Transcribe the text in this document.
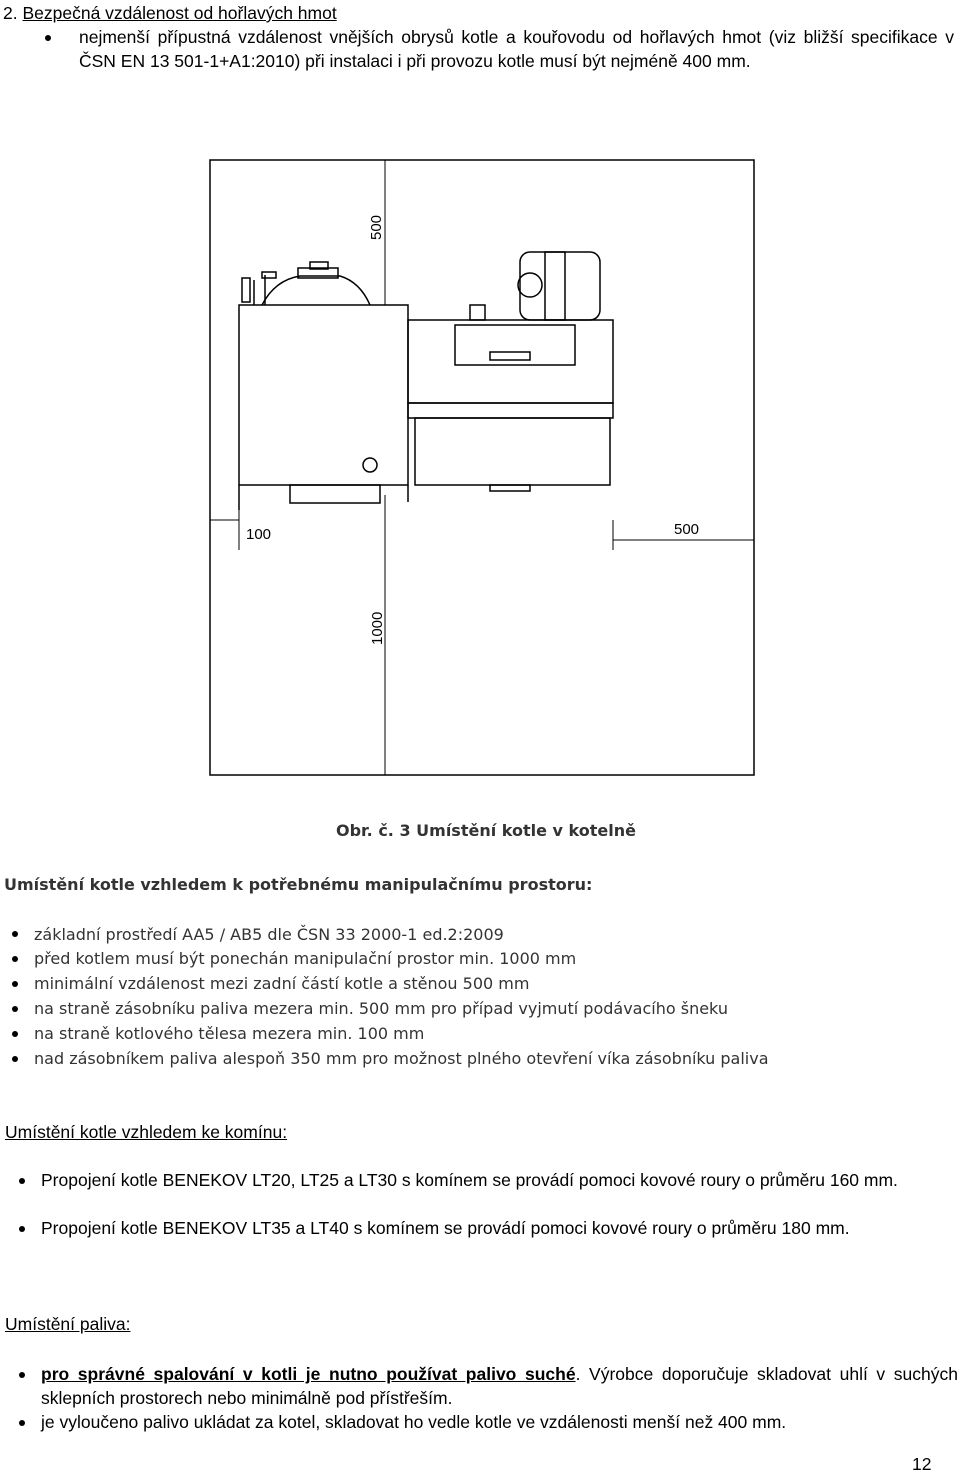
2. Bezpečná vzdálenost od hořlavých hmot
nejmenší přípustná vzdálenost vnějších obrysů kotle a kouřovodu od hořlavých hmot (viz bližší specifikace v ČSN EN 13 501-1+A1:2010) při instalaci i při provozu kotle musí být nejméně 400 mm.
500
100	500
1000
Obr. č. 3 Umístění kotle v kotelně
Umístění kotle vzhledem k potřebnému manipulačnímu prostoru:
základní prostředí AA5 / AB5 dle ČSN 33 2000-1 ed.2:2009
před kotlem musí být ponechán manipulační prostor min. 1000 mm
minimální vzdálenost mezi zadní částí kotle a stěnou 500 mm
na straně zásobníku paliva mezera min. 500 mm pro případ vyjmutí podávacího šneku
na straně kotlového tělesa mezera min. 100 mm
nad zásobníkem paliva alespoň 350 mm pro možnost plného otevření víka zásobníku paliva
Umístění kotle vzhledem ke komínu:
Propojení kotle BENEKOV LT20, LT25 a LT30 s komínem se provádí pomoci kovové roury o průměru 160 mm.
Propojení kotle BENEKOV LT35 a LT40 s komínem se provádí pomoci kovové roury o průměru 180 mm.
Umístění paliva:
pro správné spalování v kotli je nutno používat palivo suché. Výrobce doporučuje skladovat uhlí v suchých sklepních prostorech nebo minimálně pod přístřeším.
je vyloučeno palivo ukládat za kotel, skladovat ho vedle kotle ve vzdálenosti menší než 400 mm.
12
